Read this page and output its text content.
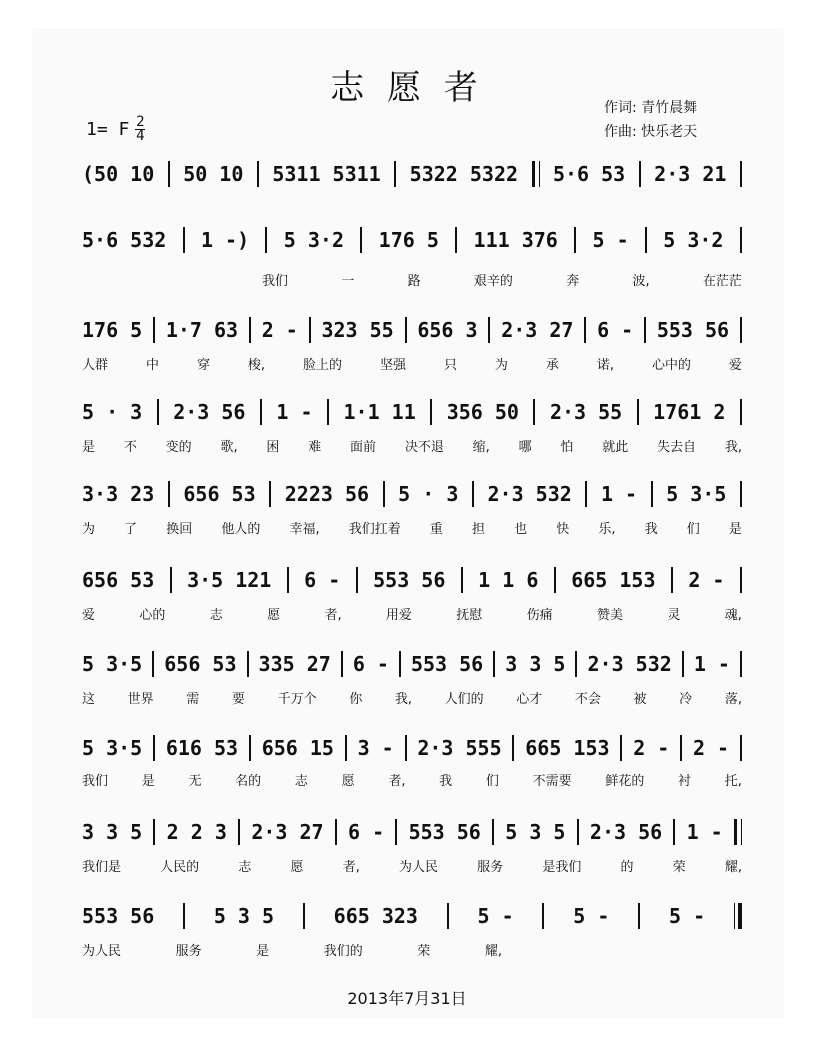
志 愿 者	作词: 青竹晨舞
作曲: 快乐老天
1= F 2
4
(50 10 50 10 5311 5311 5322 5322 5·6 53 2·3 21
5·6 532 1 -) 5 3·2 176 5 111 376 5 - 5 3·2
我们	一	路	艰辛的	奔	波,	在茫茫
176 5 1·7 63 2 - 323 55 656 3 2·3 27 6 - 553 56
人群	中	穿	梭,	脸上的	坚强	只	为	承	诺,	心中的	爱
5 · 3 2·3 56 1 - 1·1 11 356 50 2·3 55 1761 2
是 不 变的 歌, 困 难 面前 决不退 缩, 哪 怕 就此 失去自 我,
3·3 23 656 53 2223 56 5 · 3 2·3 532 1 - 5 3·5
为 了 换回 他人的 幸福, 我们扛着 重 担 也 快 乐, 我 们 是
656 53 3·5 121 6 - 553 56 1 1 6 665 153 2 -
爱	心的	志	愿	者,	用爱	抚慰	伤痛	赞美	灵	魂,
5 3·5 656 53 335 27 6 - 553 56 3 3 5 2·3 532 1 -
这	世界	需	要	千万个	你	我,	人们的	心才	不会	被	冷	落,
5 3·5 616 53 656 15 3 - 2·3 555 665 153 2 - 2 -
我们	是	无	名的	志	愿	者,	我	们	不需要	鲜花的	衬	托,
3 3 5 2 2 3 2·3 27 6 - 553 56 5 3 5 2·3 56 1 -
我们是	人民的	志	愿	者,	为人民	服务	是我们	的	荣	耀,
553 56	5 3 5	665 323	5 -	5 -	5 -
为人民	服务	是	我们的	荣	耀,
2013年7月31日
